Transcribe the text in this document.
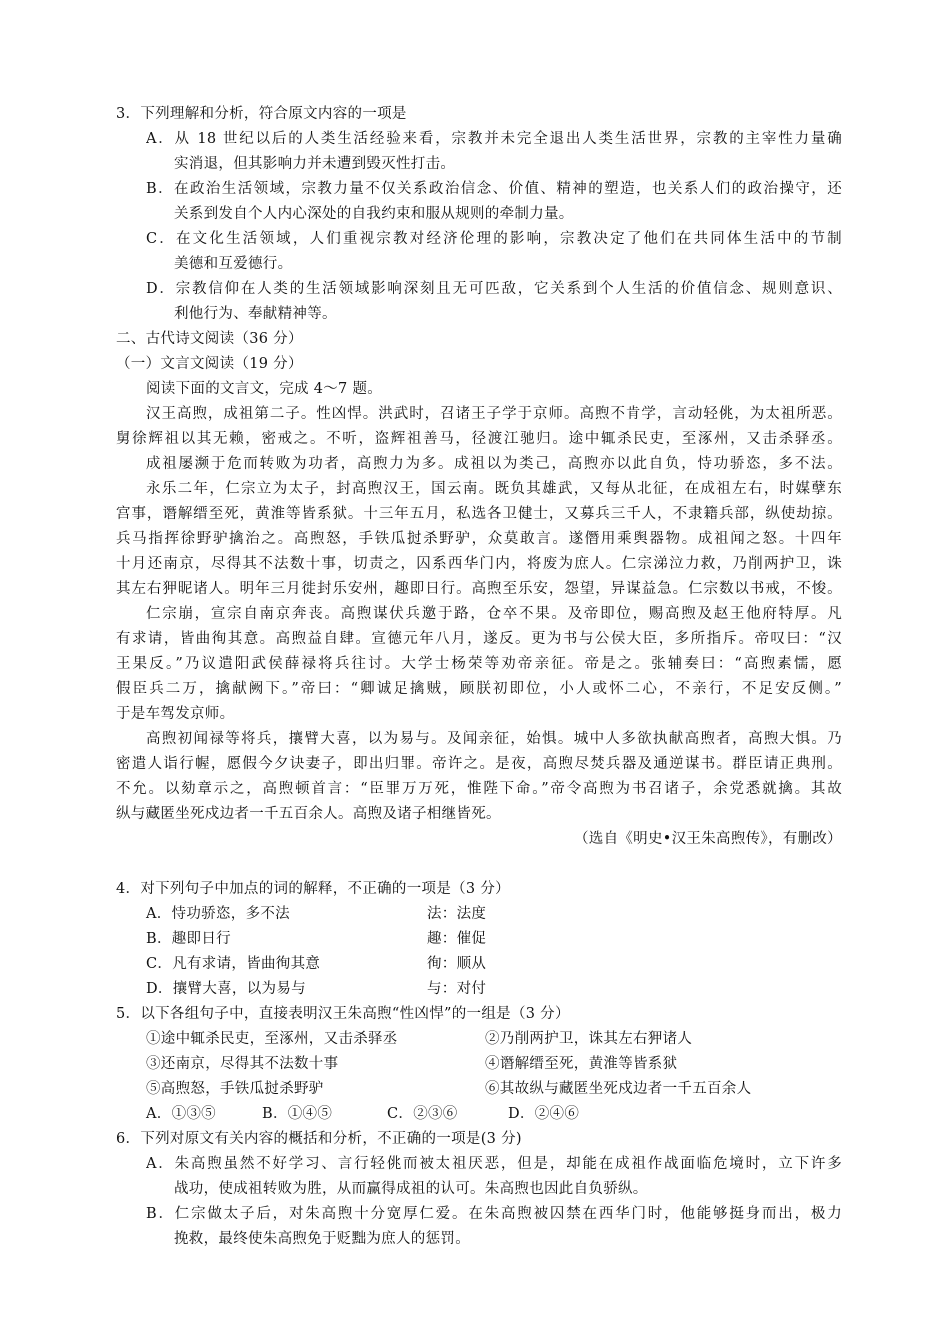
3．下列理解和分析，符合原文内容的一项是
A．从 18 世纪以后的人类生活经验来看，宗教并未完全退出人类生活世界，宗教的主宰性力量确
实消退，但其影响力并未遭到毁灭性打击。
B．在政治生活领域，宗教力量不仅关系政治信念、价值、精神的塑造，也关系人们的政治操守，还
关系到发自个人内心深处的自我约束和服从规则的牵制力量。
C．在文化生活领域，人们重视宗教对经济伦理的影响，宗教决定了他们在共同体生活中的节制
美德和互爱德行。
D．宗教信仰在人类的生活领域影响深刻且无可匹敌，它关系到个人生活的价值信念、规则意识、
利他行为、奉献精神等。
二、古代诗文阅读（36 分）
（一）文言文阅读（19 分）
阅读下面的文言文，完成 4～7 题。
汉王高煦，成祖第二子。性凶悍。洪武时，召诸王子学于京师。高煦不肯学，言动轻佻，为太祖所恶。
舅徐辉祖以其无赖，密戒之。不听，盗辉祖善马，径渡江驰归。途中辄杀民吏，至涿州，又击杀驿丞。
成祖屡濒于危而转败为功者，高煦力为多。成祖以为类己，高煦亦以此自负，恃功骄恣，多不法。
永乐二年，仁宗立为太子，封高煦汉王，国云南。既负其雄武，又每从北征，在成祖左右，时媒孽东
宫事，谮解缙至死，黄淮等皆系狱。十三年五月，私选各卫健士，又募兵三千人，不隶籍兵部，纵使劫掠。
兵马指挥徐野驴擒治之。高煦怒，手铁瓜挝杀野驴，众莫敢言。遂僭用乘舆器物。成祖闻之怒。十四年
十月还南京，尽得其不法数十事，切责之，囚系西华门内，将废为庶人。仁宗涕泣力救，乃削两护卫，诛
其左右狎昵诸人。明年三月徙封乐安州，趣即日行。高煦至乐安，怨望，异谋益急。仁宗数以书戒，不悛。
仁宗崩，宣宗自南京奔丧。高煦谋伏兵邀于路，仓卒不果。及帝即位，赐高煦及赵王他府特厚。凡
有求请，皆曲徇其意。高煦益自肆。宣德元年八月，遂反。更为书与公侯大臣，多所指斥。帝叹曰：“汉
王果反。”乃议遣阳武侯薛禄将兵往讨。大学士杨荣等劝帝亲征。帝是之。张辅奏曰：“高煦素懦，愿
假臣兵二万，擒献阙下。”帝曰：“卿诚足擒贼，顾朕初即位，小人或怀二心，不亲行，不足安反侧。”
于是车驾发京师。
高煦初闻禄等将兵，攘臂大喜，以为易与。及闻亲征，始惧。城中人多欲执献高煦者，高煦大惧。乃
密遣人诣行幄，愿假今夕诀妻子，即出归罪。帝许之。是夜，高煦尽焚兵器及通逆谋书。群臣请正典刑。
不允。以劾章示之，高煦顿首言：“臣罪万万死，惟陛下命。”帝令高煦为书召诸子，余党悉就擒。其故
纵与藏匿坐死戍边者一千五百余人。高煦及诸子相继皆死。
（选自《明史•汉王朱高煦传》，有删改）
4．对下列句子中加点的词的解释，不正确的一项是（3 分）
A．恃功骄恣，多不法	法：法度
B．趣即日行	趣：催促
C．凡有求请，皆曲徇其意	徇：顺从
D．攘臂大喜，以为易与	与：对付
5．以下各组句子中，直接表明汉王朱高煦“性凶悍”的一组是（3 分）
①途中辄杀民吏，至涿州，又击杀驿丞	②乃削两护卫，诛其左右狎诸人
③还南京，尽得其不法数十事	④谮解缙至死，黄淮等皆系狱
⑤高煦怒，手铁瓜挝杀野驴	⑥其故纵与藏匿坐死戍边者一千五百余人
A．①③⑤	B．①④⑤	C．②③⑥	D．②④⑥
6．下列对原文有关内容的概括和分析，不正确的一项是(3 分)
A．朱高煦虽然不好学习、言行轻佻而被太祖厌恶，但是，却能在成祖作战面临危境时，立下许多
战功，使成祖转败为胜，从而赢得成祖的认可。朱高煦也因此自负骄纵。
B．仁宗做太子后，对朱高煦十分宽厚仁爱。在朱高煦被囚禁在西华门时，他能够挺身而出，极力
挽救，最终使朱高煦免于贬黜为庶人的惩罚。
